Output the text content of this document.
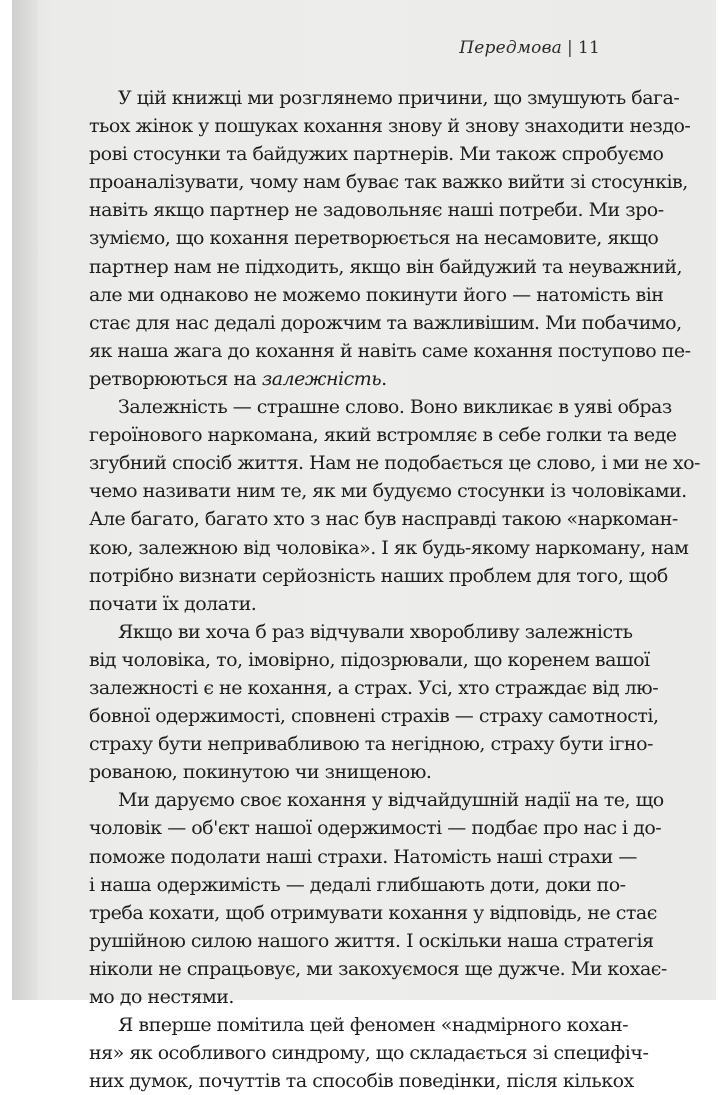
Передмова | 11
У цій книжці ми розглянемо причини, що змушують бага-
тьох жінок у пошуках кохання знову й знову знаходити нездо-
рові стосунки та байдужих партнерів. Ми також спробуємо
проаналізувати, чому нам буває так важко вийти зі стосунків,
навіть якщо партнер не задовольняє наші потреби. Ми зро-
зуміємо, що кохання перетворюється на несамовите, якщо
партнер нам не підходить, якщо він байдужий та неуважний,
але ми однаково не можемо покинути його — натомість він
стає для нас дедалі дорожчим та важливішим. Ми побачимо,
як наша жага до кохання й навіть саме кохання поступово пе-
ретворюються на залежність.
Залежність — страшне слово. Воно викликає в уяві образ
героїнового наркомана, який встромляє в себе голки та веде
згубний спосіб життя. Нам не подобається це слово, і ми не хо-
чемо називати ним те, як ми будуємо стосунки із чоловіками.
Але багато, багато хто з нас був насправді такою «наркоман-
кою, залежною від чоловіка». І як будь-якому наркоману, нам
потрібно визнати серйозність наших проблем для того, щоб
почати їх долати.
Якщо ви хоча б раз відчували хворобливу залежність
від чоловіка, то, імовірно, підозрювали, що коренем вашої
залежності є не кохання, а страх. Усі, хто страждає від лю-
бовної одержимості, сповнені страхів — страху самотності,
страху бути непривабливою та негідною, страху бути ігно-
рованою, покинутою чи знищеною.
Ми даруємо своє кохання у відчайдушній надії на те, що
чоловік — об'єкт нашої одержимості — подбає про нас і до-
поможе подолати наші страхи. Натомість наші страхи —
і наша одержимість — дедалі глибшають доти, доки по-
треба кохати, щоб отримувати кохання у відповідь, не стає
рушійною силою нашого життя. І оскільки наша стратегія
ніколи не спрацьовує, ми закохуємося ще дужче. Ми кохає-
мо до нестями.
Я вперше помітила цей феномен «надмірного кохан-
ня» як особливого синдрому, що складається зі специфіч-
них думок, почуттів та способів поведінки, після кількох
